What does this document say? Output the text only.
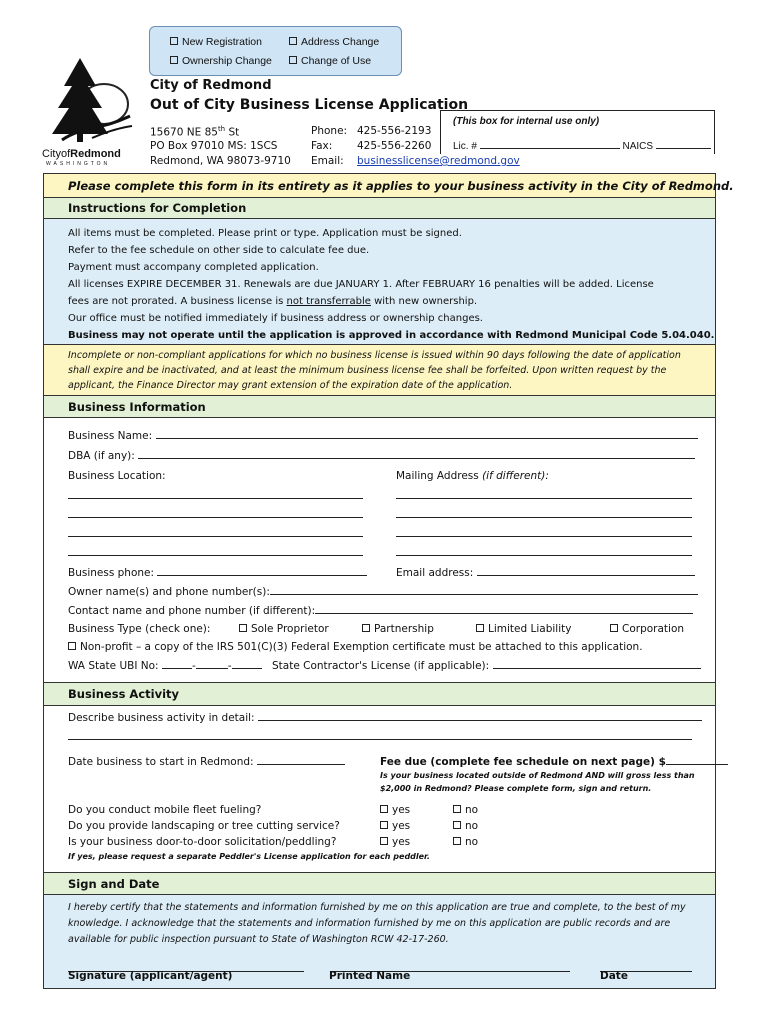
New Registration	Address Change
Ownership Change	Change of Use
CityofRedmond
WASHINGTON
City of Redmond
Out of City Business License Application
15670 NE 85th St
PO Box 97010 MS: 1SCS
Redmond, WA 98073-9710
Phone: 425-556-2193
Fax: 425-556-2260
Email: businesslicense@redmond.gov
(This box for internal use only)
Lic. #	NAICS
Please complete this form in its entirety as it applies to your business activity in the City of Redmond.
Instructions for Completion
All items must be completed. Please print or type. Application must be signed.
Refer to the fee schedule on other side to calculate fee due.
Payment must accompany completed application.
All licenses EXPIRE DECEMBER 31. Renewals are due JANUARY 1. After FEBRUARY 16 penalties will be added. License
fees are not prorated. A business license is not transferrable with new ownership.
Our office must be notified immediately if business address or ownership changes.
Business may not operate until the application is approved in accordance with Redmond Municipal Code 5.04.040.
Incomplete or non-compliant applications for which no business license is issued within 90 days following the date of application
shall expire and be inactivated, and at least the minimum business license fee shall be forfeited. Upon written request by the
applicant, the Finance Director may grant extension of the expiration date of the application.
Business Information
Business Name:
DBA (if any):
Business Location:	Mailing Address (if different):
Business phone:	Email address:
Owner name(s) and phone number(s):
Contact name and phone number (if different):
Business Type (check one):	Sole Proprietor	Partnership	Limited Liability	Corporation
Non-profit – a copy of the IRS 501(C)(3) Federal Exemption certificate must be attached to this application.
WA State UBI No:	-	-	State Contractor's License (if applicable):
Business Activity
Describe business activity in detail:
Date business to start in Redmond:	Fee due (complete fee schedule on next page) $
Is your business located outside of Redmond AND will gross less than
$2,000 in Redmond? Please complete form, sign and return.
Do you conduct mobile fleet fueling?	yes	no
Do you provide landscaping or tree cutting service?	yes	no
Is your business door-to-door solicitation/peddling?	yes	no
If yes, please request a separate Peddler's License application for each peddler.
Sign and Date
I hereby certify that the statements and information furnished by me on this application are true and complete, to the best of my
knowledge. I acknowledge that the statements and information furnished by me on this application are public records and are
available for public inspection pursuant to State of Washington RCW 42-17-260.
Signature (applicant/agent)	Printed Name	Date
